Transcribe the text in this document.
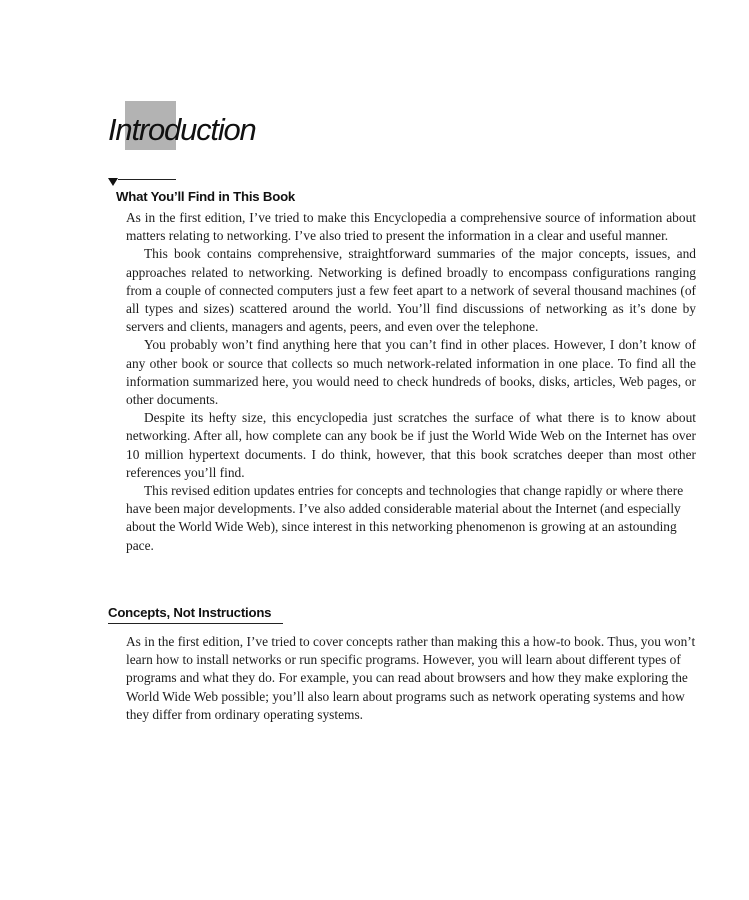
Introduction
What You’ll Find in This Book

As in the first edition, I’ve tried to make this Encyclopedia a comprehensive source of information about matters relating to networking. I’ve also tried to present the information in a clear and useful manner.

This book contains comprehensive, straightforward summaries of the major concepts, issues, and approaches related to networking. Networking is defined broadly to encompass configurations ranging from a couple of connected computers just a few feet apart to a network of several thousand machines (of all types and sizes) scattered around the world. You’ll find discussions of networking as it’s done by servers and clients, managers and agents, peers, and even over the telephone.

You probably won’t find anything here that you can’t find in other places. However, I don’t know of any other book or source that collects so much network-related information in one place. To find all the information summarized here, you would need to check hundreds of books, disks, articles, Web pages, or other documents.

Despite its hefty size, this encyclopedia just scratches the surface of what there is to know about networking. After all, how complete can any book be if just the World Wide Web on the Internet has over 10 million hypertext documents. I do think, however, that this book scratches deeper than most other references you’ll find.

This revised edition updates entries for concepts and technologies that change rapidly or where there have been major developments. I’ve also added considerable material about the Internet (and especially about the World Wide Web), since interest in this networking phenomenon is growing at an astounding pace.

Concepts, Not Instructions

As in the first edition, I’ve tried to cover concepts rather than making this a how-to book. Thus, you won’t learn how to install networks or run specific programs. However, you will learn about different types of programs and what they do. For example, you can read about browsers and how they make exploring the World Wide Web possible; you’ll also learn about programs such as network operating systems and how they differ from ordinary operating systems.
